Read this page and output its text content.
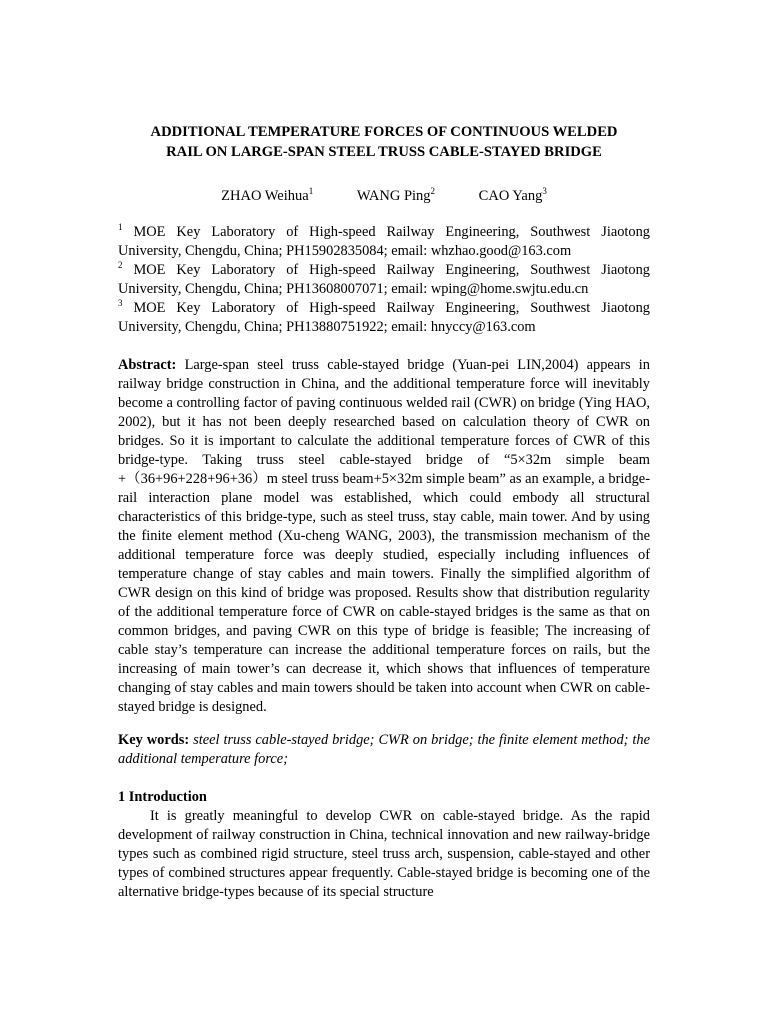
ADDITIONAL TEMPERATURE FORCES OF CONTINUOUS WELDED
RAIL ON LARGE-SPAN STEEL TRUSS CABLE-STAYED BRIDGE

ZHAO Weihua$^1$	WANG Ping$^2$	CAO Yang$^3$

$^1$ MOE Key Laboratory of High-speed Railway Engineering, Southwest Jiaotong University, Chengdu, China; PH15902835084; email: whzhao.good@163.com

$^2$ MOE Key Laboratory of High-speed Railway Engineering, Southwest Jiaotong University, Chengdu, China; PH13608007071; email: wping@home.swjtu.edu.cn

$^3$ MOE Key Laboratory of High-speed Railway Engineering, Southwest Jiaotong University, Chengdu, China; PH13880751922; email: hnyccy@163.com

Abstract: Large-span steel truss cable-stayed bridge (Yuan-pei LIN,2004) appears in railway bridge construction in China, and the additional temperature force will inevitably become a controlling factor of paving continuous welded rail (CWR) on bridge (Ying HAO, 2002), but it has not been deeply researched based on calculation theory of CWR on bridges. So it is important to calculate the additional temperature forces of CWR of this bridge-type. Taking truss steel cable-stayed bridge of “5×32m simple beam +（36+96+228+96+36）m steel truss beam+5×32m simple beam” as an example, a bridge-rail interaction plane model was established, which could embody all structural characteristics of this bridge-type, such as steel truss, stay cable, main tower. And by using the finite element method (Xu-cheng WANG, 2003), the transmission mechanism of the additional temperature force was deeply studied, especially including influences of temperature change of stay cables and main towers. Finally the simplified algorithm of CWR design on this kind of bridge was proposed. Results show that distribution regularity of the additional temperature force of CWR on cable-stayed bridges is the same as that on common bridges, and paving CWR on this type of bridge is feasible; The increasing of cable stay’s temperature can increase the additional temperature forces on rails, but the increasing of main tower’s can decrease it, which shows that influences of temperature changing of stay cables and main towers should be taken into account when CWR on cable-stayed bridge is designed.

Key words: steel truss cable-stayed bridge; CWR on bridge; the finite element method; the additional temperature force;

1 Introduction

It is greatly meaningful to develop CWR on cable-stayed bridge. As the rapid development of railway construction in China, technical innovation and new railway-bridge types such as combined rigid structure, steel truss arch, suspension, cable-stayed and other types of combined structures appear frequently. Cable-stayed bridge is becoming one of the alternative bridge-types because of its special structure
